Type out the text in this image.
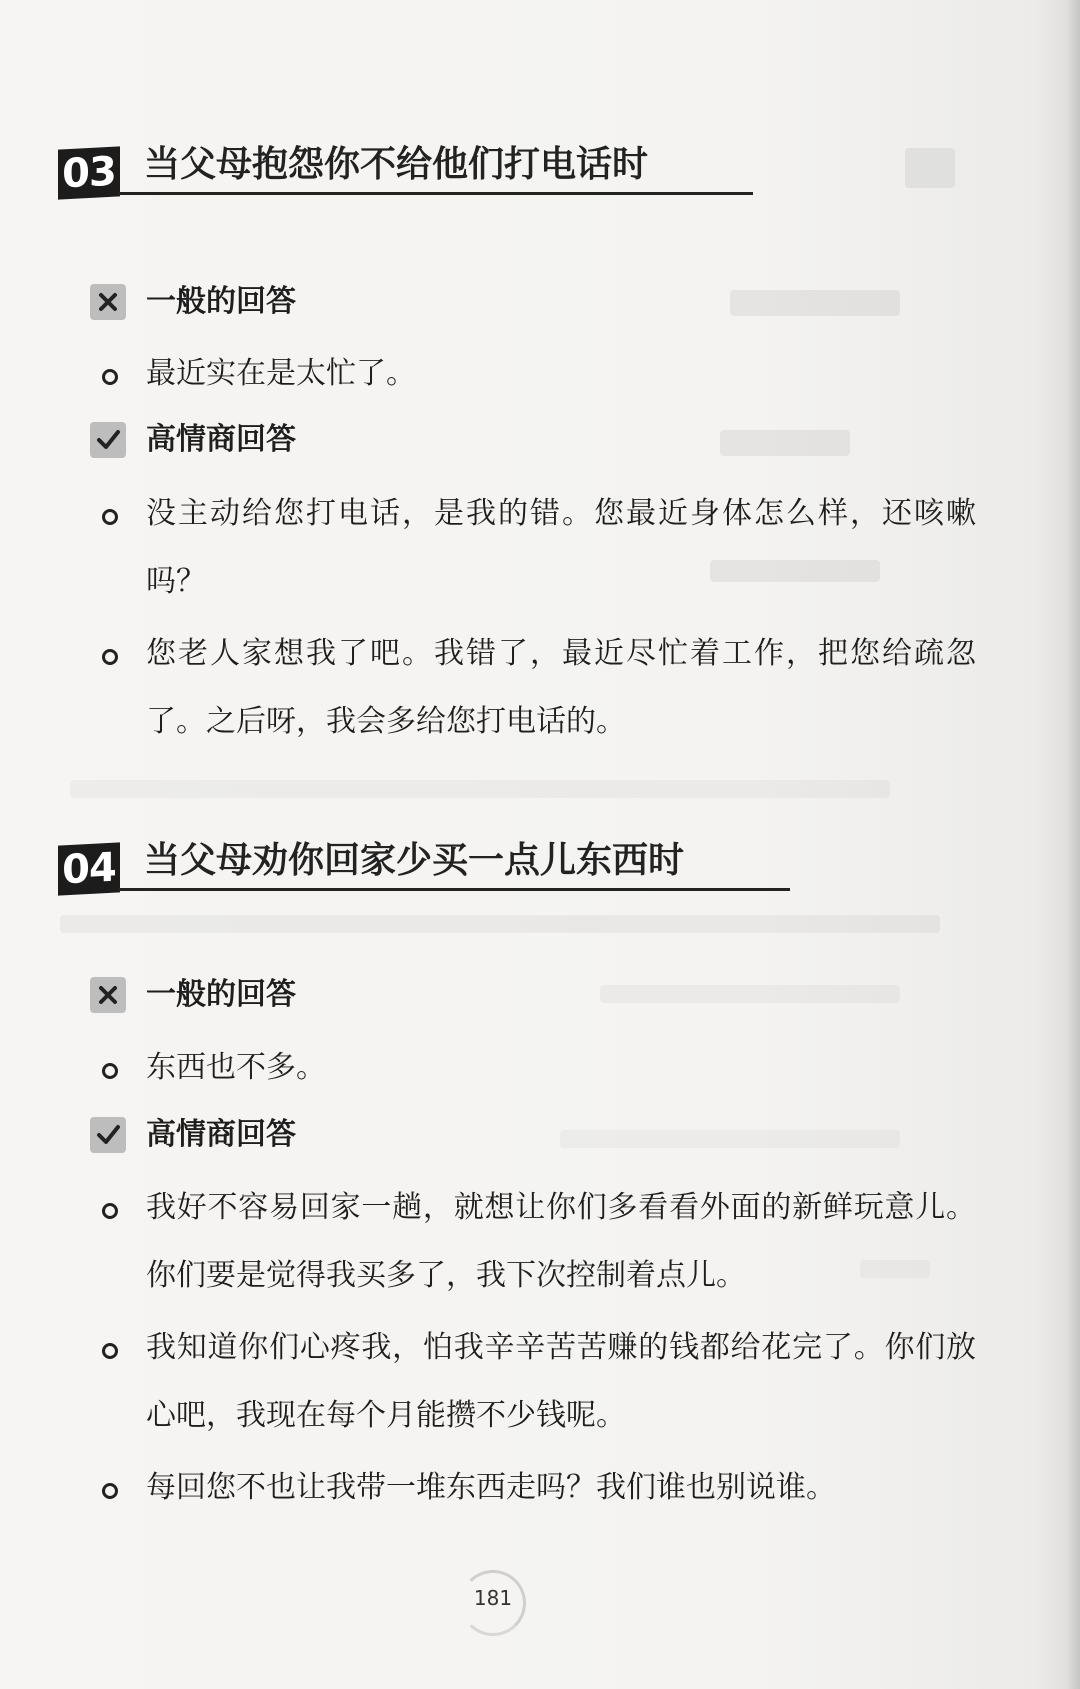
03 当父母抱怨你不给他们打电话时
一般的回答
最近实在是太忙了。
高情商回答
没主动给您打电话，是我的错。您最近身体怎么样，还咳嗽吗？
您老人家想我了吧。我错了，最近尽忙着工作，把您给疏忽了。之后呀，我会多给您打电话的。
04 当父母劝你回家少买一点儿东西时
一般的回答
东西也不多。
高情商回答
我好不容易回家一趟，就想让你们多看看外面的新鲜玩意儿。你们要是觉得我买多了，我下次控制着点儿。
我知道你们心疼我，怕我辛辛苦苦赚的钱都给花完了。你们放心吧，我现在每个月能攒不少钱呢。
每回您不也让我带一堆东西走吗？我们谁也别说谁。
181
